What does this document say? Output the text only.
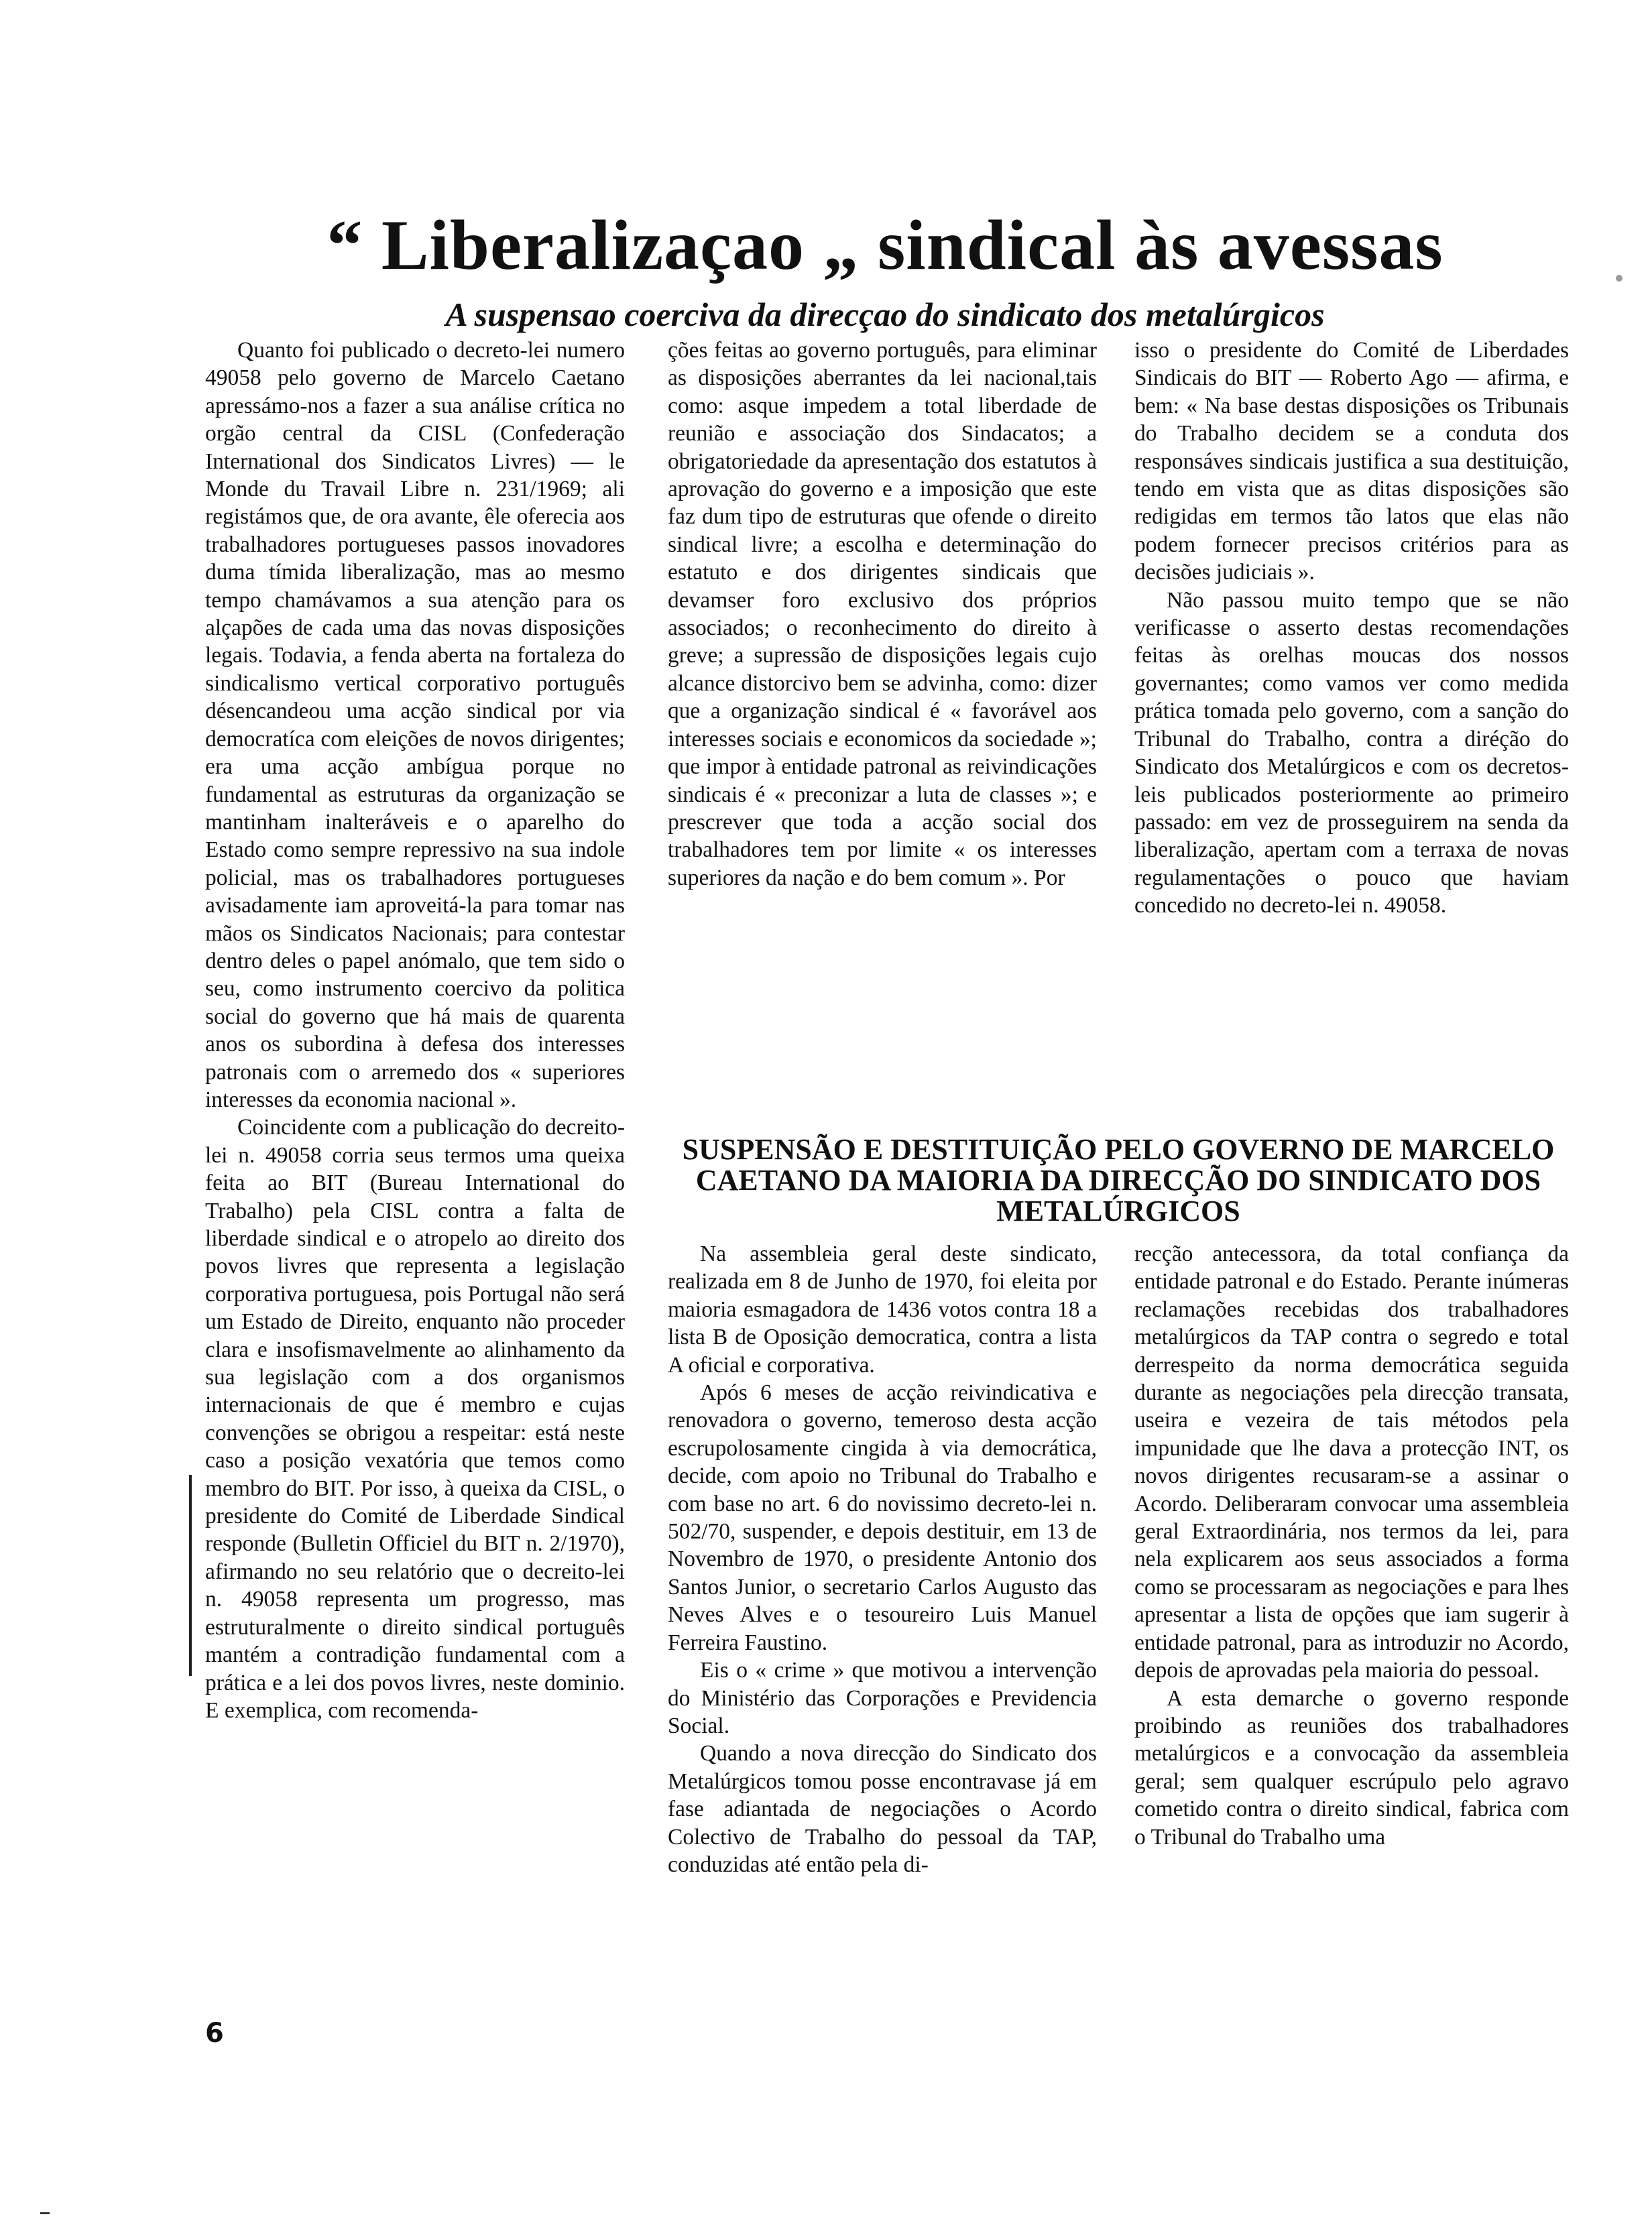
“ Liberalizaçao „ sindical às avessas
A suspensao coerciva da direcçao do sindicato dos metalúrgicos

Quanto foi publicado o decreto-lei numero 49058 pelo governo de Marcelo Caetano apressámo-nos a fazer a sua análise crítica no orgão central da CISL (Confederação International dos Sindicatos Livres) — le Monde du Travail Libre n. 231/1969; ali registámos que, de ora avante, êle oferecia aos trabalhadores portugueses passos inovadores duma tímida liberalização, mas ao mesmo tempo chamávamos a sua atenção para os alçapões de cada uma das novas disposições legais. Todavia, a fenda aberta na fortaleza do sindicalismo vertical corporativo português désencandeou uma acção sindical por via democratíca com eleições de novos dirigentes; era uma acção ambígua porque no fundamental as estruturas da organização se mantinham inalteráveis e o aparelho do Estado como sempre repressivo na sua indole policial, mas os trabalhadores portugueses avisadamente iam aproveitá-la para tomar nas mãos os Sindicatos Nacionais; para contestar dentro deles o papel anómalo, que tem sido o seu, como instrumento coercivo da politica social do governo que há mais de quarenta anos os subordina à defesa dos interesses patronais com o arremedo dos « superiores interesses da economia nacional ».

Coincidente com a publicação do decreito-lei n. 49058 corria seus termos uma queixa feita ao BIT (Bureau International do Trabalho) pela CISL contra a falta de liberdade sindical e o atropelo ao direito dos povos livres que representa a legislação corporativa portuguesa, pois Portugal não será um Estado de Direito, enquanto não proceder clara e insofismavelmente ao alinhamento da sua legislação com a dos organismos internacionais de que é membro e cujas convenções se obrigou a respeitar: está neste caso a posição vexatória que temos como membro do BIT. Por isso, à queixa da CISL, o presidente do Comité de Liberdade Sindical responde (Bulletin Officiel du BIT n. 2/1970), afirmando no seu relatório que o decreito-lei n. 49058 representa um progresso, mas estruturalmente o direito sindical português mantém a contradição fundamental com a prática e a lei dos povos livres, neste dominio. E exemplica, com recomenda-

ções feitas ao governo português, para eliminar as disposições aberrantes da lei nacional,tais como: asque impedem a total liberdade de reunião e associação dos Sindacatos; a obrigatoriedade da apresentação dos estatutos à aprovação do governo e a imposição que este faz dum tipo de estruturas que ofende o direito sindical livre; a escolha e determinação do estatuto e dos dirigentes sindicais que devamser foro exclusivo dos próprios associados; o reconhecimento do direito à greve; a supressão de disposições legais cujo alcance distorcivo bem se advinha, como: dizer que a organização sindical é « favorável aos interesses sociais e economicos da sociedade »; que impor à entidade patronal as reivindicações sindicais é « preconizar a luta de classes »; e prescrever que toda a acção social dos trabalhadores tem por limite « os interesses superiores da nação e do bem comum ». Por

isso o presidente do Comité de Liberdades Sindicais do BIT — Roberto Ago — afirma, e bem: « Na base destas disposições os Tribunais do Trabalho decidem se a conduta dos responsáves sindicais justifica a sua destituição, tendo em vista que as ditas disposições são redigidas em termos tão latos que elas não podem fornecer precisos critérios para as decisões judiciais ».

Não passou muito tempo que se não verificasse o asserto destas recomendações feitas às orelhas moucas dos nossos governantes; como vamos ver como medida prática tomada pelo governo, com a sanção do Tribunal do Trabalho, contra a diréção do Sindicato dos Metalúrgicos e com os decretos-leis publicados posteriormente ao primeiro passado: em vez de prosseguirem na senda da liberalização, apertam com a terraxa de novas regulamentações o pouco que haviam concedido no decreto-lei n. 49058.

SUSPENSÃO E DESTITUIÇÃO PELO GOVERNO DE MARCELO CAETANO DA MAIORIA DA DIRECÇÃO DO SINDICATO DOS METALÚRGICOS

Na assembleia geral deste sindicato, realizada em 8 de Junho de 1970, foi eleita por maioria esmagadora de 1436 votos contra 18 a lista B de Oposição democratica, contra a lista A oficial e corporativa.

Após 6 meses de acção reivindicativa e renovadora o governo, temeroso desta acção escrupolosamente cingida à via democrática, decide, com apoio no Tribunal do Trabalho e com base no art. 6 do novissimo decreto-lei n. 502/70, suspender, e depois destituir, em 13 de Novembro de 1970, o presidente Antonio dos Santos Junior, o secretario Carlos Augusto das Neves Alves e o tesoureiro Luis Manuel Ferreira Faustino.

Eis o « crime » que motivou a intervenção do Ministério das Corporações e Previdencia Social.

Quando a nova direcção do Sindicato dos Metalúrgicos tomou posse encontravase já em fase adiantada de negociações o Acordo Colectivo de Trabalho do pessoal da TAP, conduzidas até então pela di-

recção antecessora, da total confiança da entidade patronal e do Estado. Perante inúmeras reclamações recebidas dos trabalhadores metalúrgicos da TAP contra o segredo e total derrespeito da norma democrática seguida durante as negociações pela direcção transata, useira e vezeira de tais métodos pela impunidade que lhe dava a protecção INT, os novos dirigentes recusaram-se a assinar o Acordo. Deliberaram convocar uma assembleia geral Extraordinária, nos termos da lei, para nela explicarem aos seus associados a forma como se processaram as negociações e para lhes apresentar a lista de opções que iam sugerir à entidade patronal, para as introduzir no Acordo, depois de aprovadas pela maioria do pessoal.

A esta demarche o governo responde proibindo as reuniões dos trabalhadores metalúrgicos e a convocação da assembleia geral; sem qualquer escrúpulo pelo agravo cometido contra o direito sindical, fabrica com o Tribunal do Trabalho uma

6
